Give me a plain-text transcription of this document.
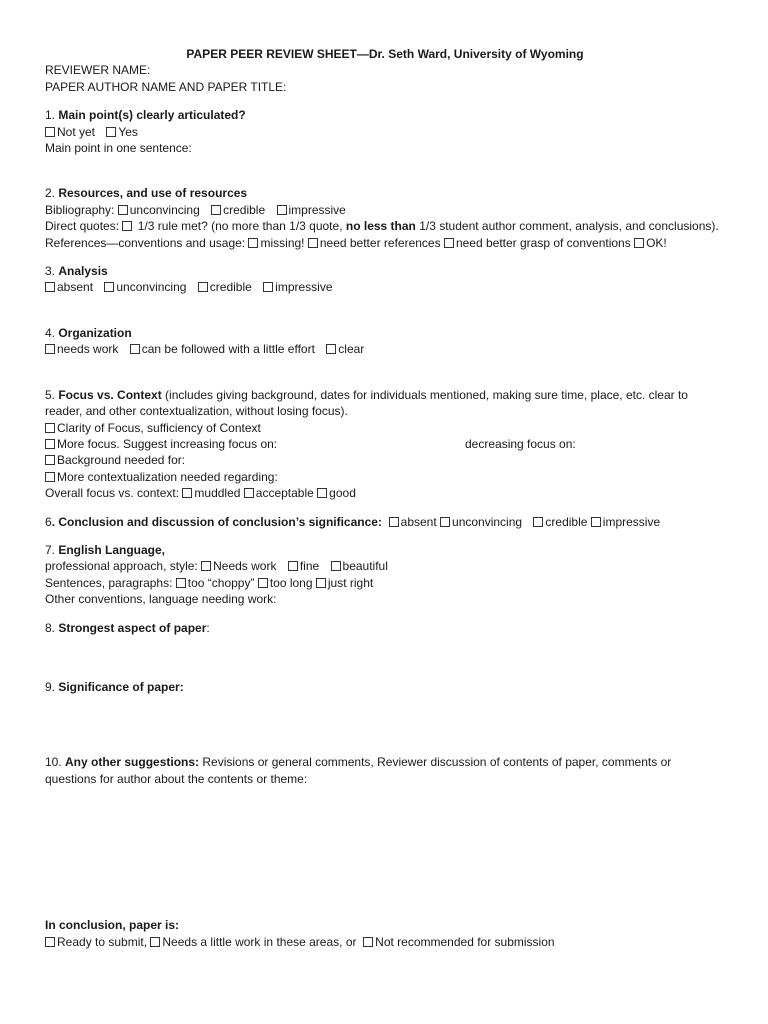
PAPER PEER REVIEW SHEET—Dr. Seth Ward, University of Wyoming

REVIEWER NAME:

PAPER AUTHOR NAME AND PAPER TITLE:

1. Main point(s) clearly articulated?

Not yet Yes

Main point in one sentence:

2. Resources, and use of resources

Bibliography: unconvincing credible impressive

Direct quotes: 1/3 rule met? (no more than 1/3 quote, no less than 1/3 student author comment, analysis, and conclusions).

References—conventions and usage: missing! need better references need better grasp of conventions OK!

3. Analysis

absent unconvincing credible impressive

4. Organization

needs work can be followed with a little effort clear

5. Focus vs. Context (includes giving background, dates for individuals mentioned, making sure time, place, etc. clear to reader, and other contextualization, without losing focus).

Clarity of Focus, sufficiency of Context

More focus. Suggest increasing focus on:	decreasing focus on:

Background needed for:

More contextualization needed regarding:

Overall focus vs. context: muddled acceptable good

6. Conclusion and discussion of conclusion’s significance: absent unconvincing credible impressive

7. English Language,

professional approach, style: Needs work fine beautiful

Sentences, paragraphs: too “choppy” too long just right

Other conventions, language needing work:

8. Strongest aspect of paper:

9. Significance of paper:

10. Any other suggestions: Revisions or general comments, Reviewer discussion of contents of paper, comments or questions for author about the contents or theme:

In conclusion, paper is:

Ready to submit, Needs a little work in these areas, or Not recommended for submission
